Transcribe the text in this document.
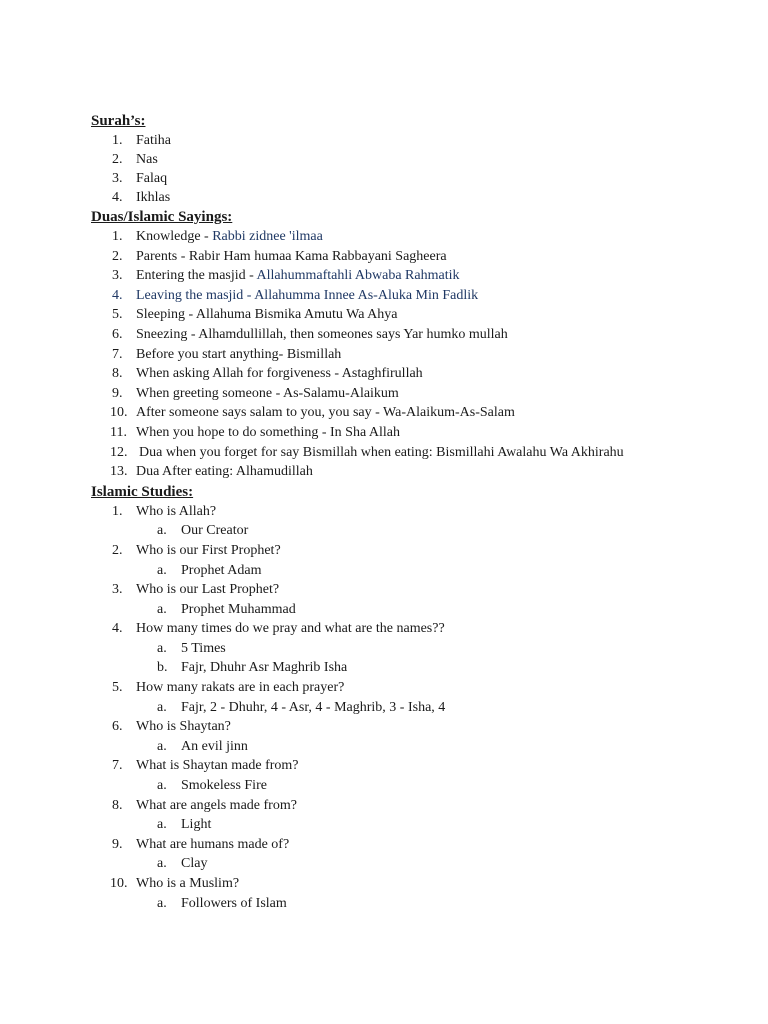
Surah’s:
1. Fatiha
2. Nas
3. Falaq
4. Ikhlas
Duas/Islamic Sayings:
1. Knowledge - Rabbi zidnee 'ilmaa
2. Parents - Rabir Ham humaa Kama Rabbayani Sagheera
3. Entering the masjid - Allahummaftahli Abwaba Rahmatik
4. Leaving the masjid - Allahumma Innee As-Aluka Min Fadlik
5. Sleeping - Allahuma Bismika Amutu Wa Ahya
6. Sneezing - Alhamdullillah, then someones says Yar humko mullah
7. Before you start anything- Bismillah
8. When asking Allah for forgiveness - Astaghfirullah
9. When greeting someone - As-Salamu-Alaikum
10. After someone says salam to you, you say - Wa-Alaikum-As-Salam
11. When you hope to do something - In Sha Allah
12. Dua when you forget for say Bismillah when eating: Bismillahi Awalahu Wa Akhirahu
13. Dua After eating: Alhamudillah
Islamic Studies:
1. Who is Allah?
a. Our Creator
2. Who is our First Prophet?
a. Prophet Adam
3. Who is our Last Prophet?
a. Prophet Muhammad
4. How many times do we pray and what are the names??
a. 5 Times
b. Fajr, Dhuhr Asr Maghrib Isha
5. How many rakats are in each prayer?
a. Fajr, 2 - Dhuhr, 4 - Asr, 4 - Maghrib, 3 - Isha, 4
6. Who is Shaytan?
a. An evil jinn
7. What is Shaytan made from?
a. Smokeless Fire
8. What are angels made from?
a. Light
9. What are humans made of?
a. Clay
10. Who is a Muslim?
a. Followers of Islam
